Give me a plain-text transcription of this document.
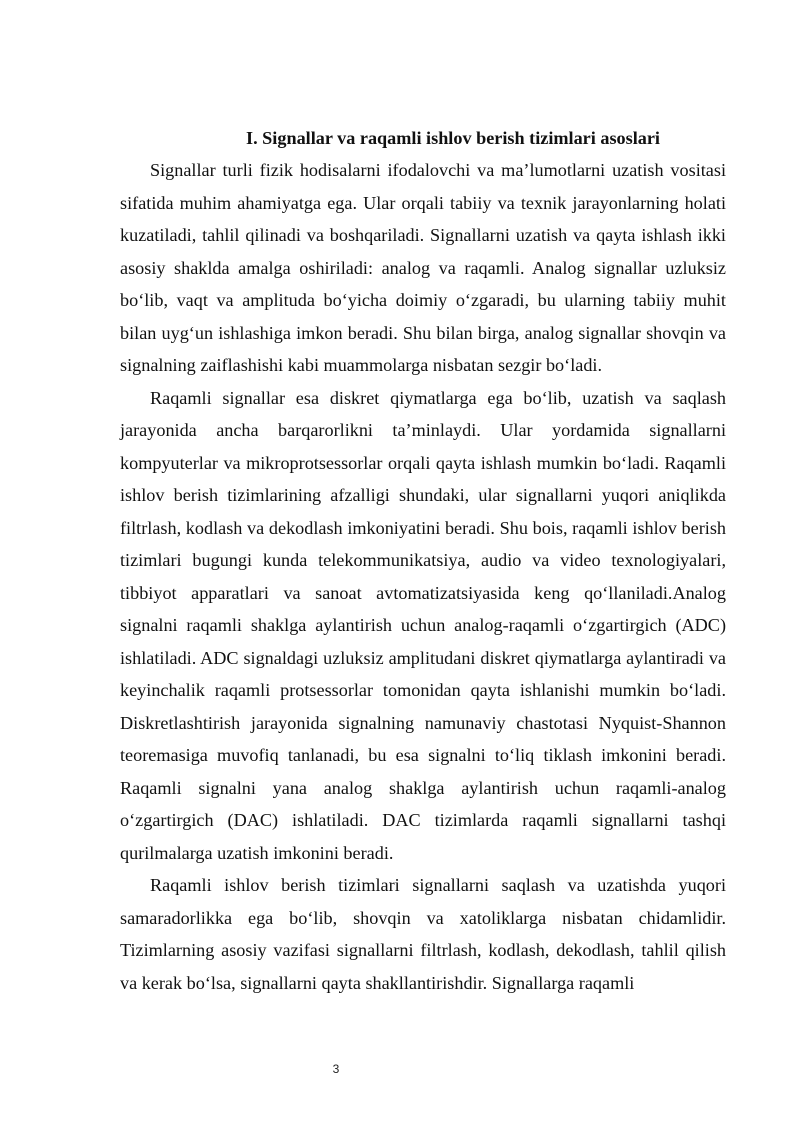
I. Signallar va raqamli ishlov berish tizimlari asoslari

Signallar turli fizik hodisalarni ifodalovchi va ma’lumotlarni uzatish vositasi sifatida muhim ahamiyatga ega. Ular orqali tabiiy va texnik jarayonlarning holati kuzatiladi, tahlil qilinadi va boshqariladi. Signallarni uzatish va qayta ishlash ikki asosiy shaklda amalga oshiriladi: analog va raqamli. Analog signallar uzluksiz bo‘lib, vaqt va amplituda bo‘yicha doimiy o‘zgaradi, bu ularning tabiiy muhit bilan uyg‘un ishlashiga imkon beradi. Shu bilan birga, analog signallar shovqin va signalning zaiflashishi kabi muammolarga nisbatan sezgir bo‘ladi.

Raqamli signallar esa diskret qiymatlarga ega bo‘lib, uzatish va saqlash jarayonida ancha barqarorlikni ta’minlaydi. Ular yordamida signallarni kompyuterlar va mikroprotsessorlar orqali qayta ishlash mumkin bo‘ladi. Raqamli ishlov berish tizimlarining afzalligi shundaki, ular signallarni yuqori aniqlikda filtrlash, kodlash va dekodlash imkoniyatini beradi. Shu bois, raqamli ishlov berish tizimlari bugungi kunda telekommunikatsiya, audio va video texnologiyalari, tibbiyot apparatlari va sanoat avtomatizatsiyasida keng qo‘llaniladi.Analog signalni raqamli shaklga aylantirish uchun analog-raqamli o‘zgartirgich (ADC) ishlatiladi. ADC signaldagi uzluksiz amplitudani diskret qiymatlarga aylantiradi va keyinchalik raqamli protsessorlar tomonidan qayta ishlanishi mumkin bo‘ladi. Diskretlashtirish jarayonida signalning namunaviy chastotasi Nyquist-Shannon teoremasiga muvofiq tanlanadi, bu esa signalni to‘liq tiklash imkonini beradi. Raqamli signalni yana analog shaklga aylantirish uchun raqamli-analog o‘zgartirgich (DAC) ishlatiladi. DAC tizimlarda raqamli signallarni tashqi qurilmalarga uzatish imkonini beradi.

Raqamli ishlov berish tizimlari signallarni saqlash va uzatishda yuqori samaradorlikka ega bo‘lib, shovqin va xatoliklarga nisbatan chidamlidir. Tizimlarning asosiy vazifasi signallarni filtrlash, kodlash, dekodlash, tahlil qilish va kerak bo‘lsa, signallarni qayta shakllantirishdir. Signallarga raqamli

3
